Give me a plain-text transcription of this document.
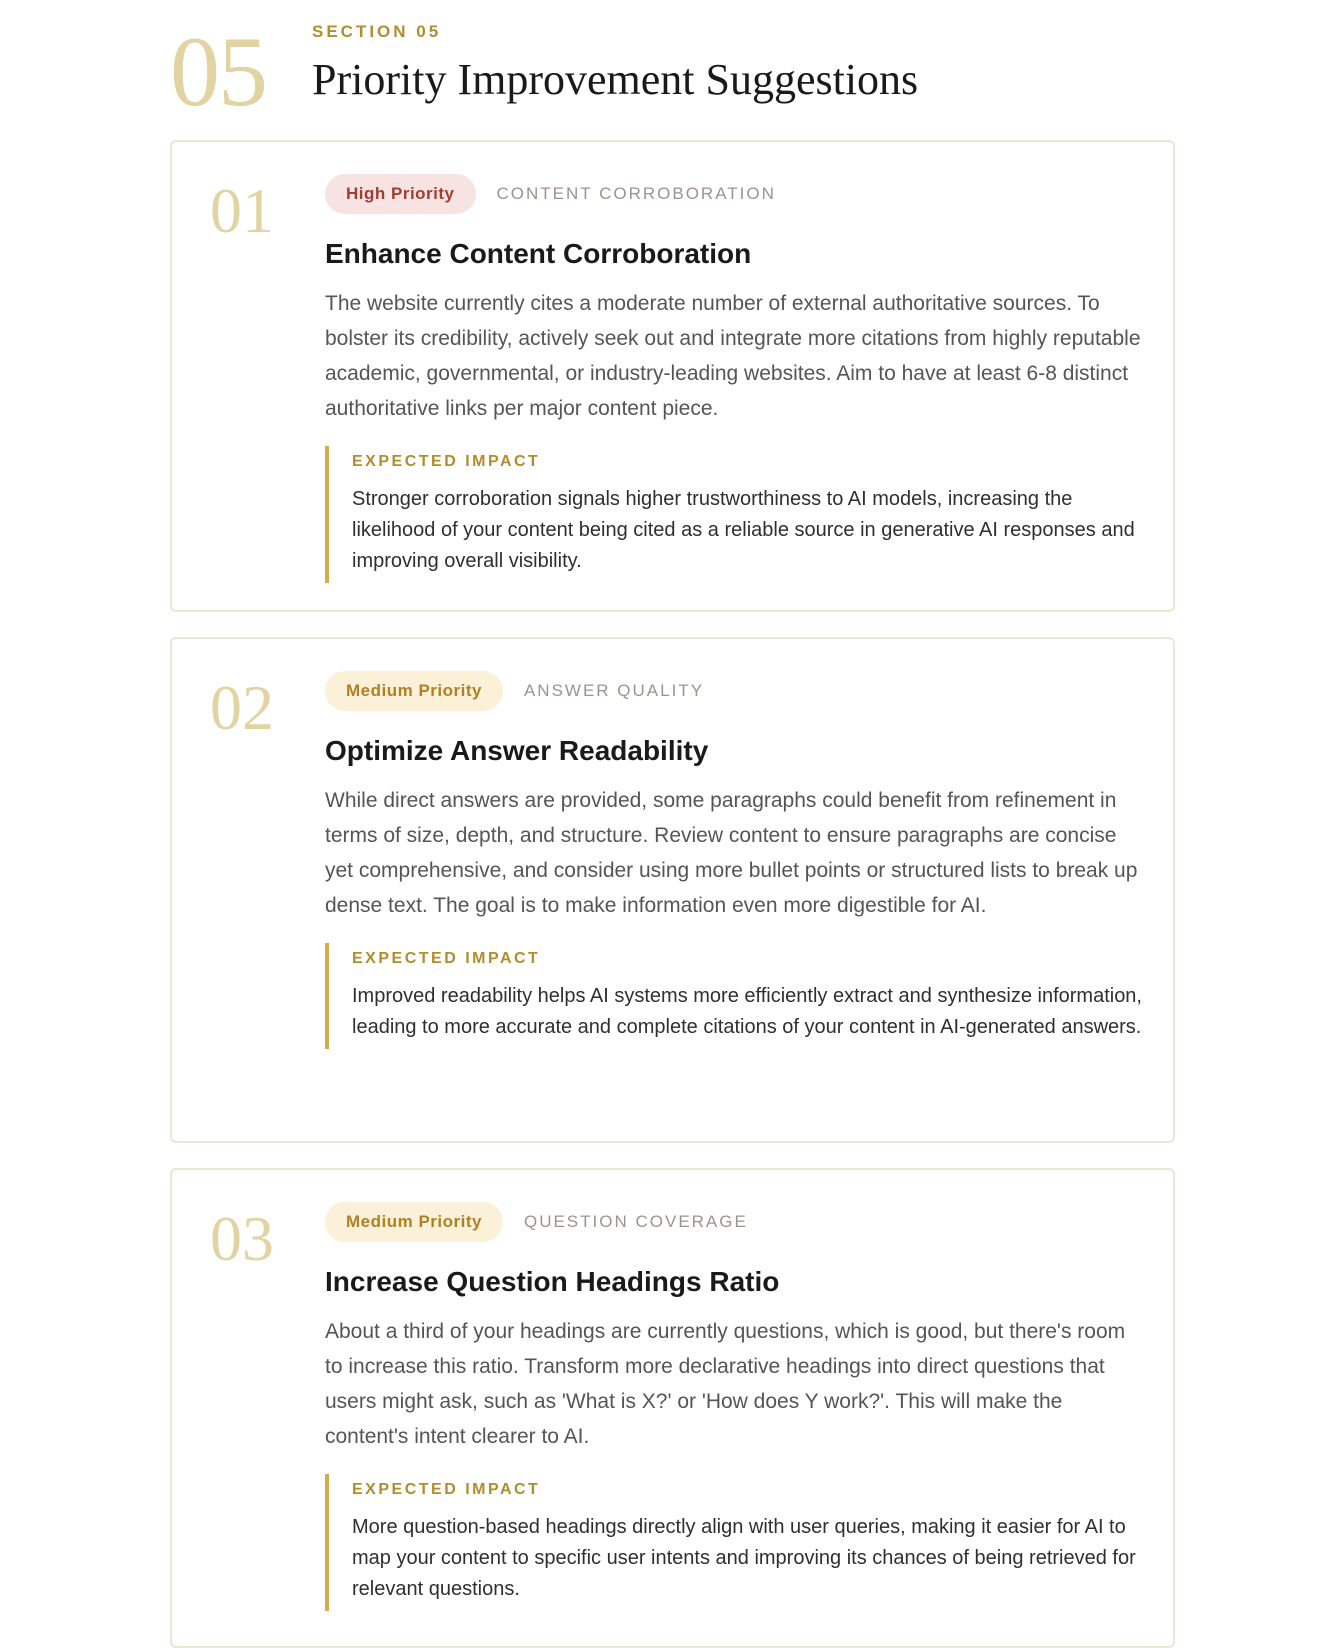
05	SECTION 05
Priority Improvement Suggestions
01	High Priority	CONTENT CORROBORATION
Enhance Content Corroboration

The website currently cites a moderate number of external authoritative sources. To bolster its credibility, actively seek out and integrate more citations from highly reputable academic, governmental, or industry-leading websites. Aim to have at least 6-8 distinct authoritative links per major content piece.

EXPECTED IMPACT
Stronger corroboration signals higher trustworthiness to AI models, increasing the likelihood of your content being cited as a reliable source in generative AI responses and improving overall visibility.
02	Medium Priority	ANSWER QUALITY
Optimize Answer Readability

While direct answers are provided, some paragraphs could benefit from refinement in terms of size, depth, and structure. Review content to ensure paragraphs are concise yet comprehensive, and consider using more bullet points or structured lists to break up dense text. The goal is to make information even more digestible for AI.

EXPECTED IMPACT
Improved readability helps AI systems more efficiently extract and synthesize information, leading to more accurate and complete citations of your content in AI-generated answers.
03	Medium Priority	QUESTION COVERAGE
Increase Question Headings Ratio

About a third of your headings are currently questions, which is good, but there's room to increase this ratio. Transform more declarative headings into direct questions that users might ask, such as 'What is X?' or 'How does Y work?'. This will make the content's intent clearer to AI.

EXPECTED IMPACT
More question-based headings directly align with user queries, making it easier for AI to map your content to specific user intents and improving its chances of being retrieved for relevant questions.
